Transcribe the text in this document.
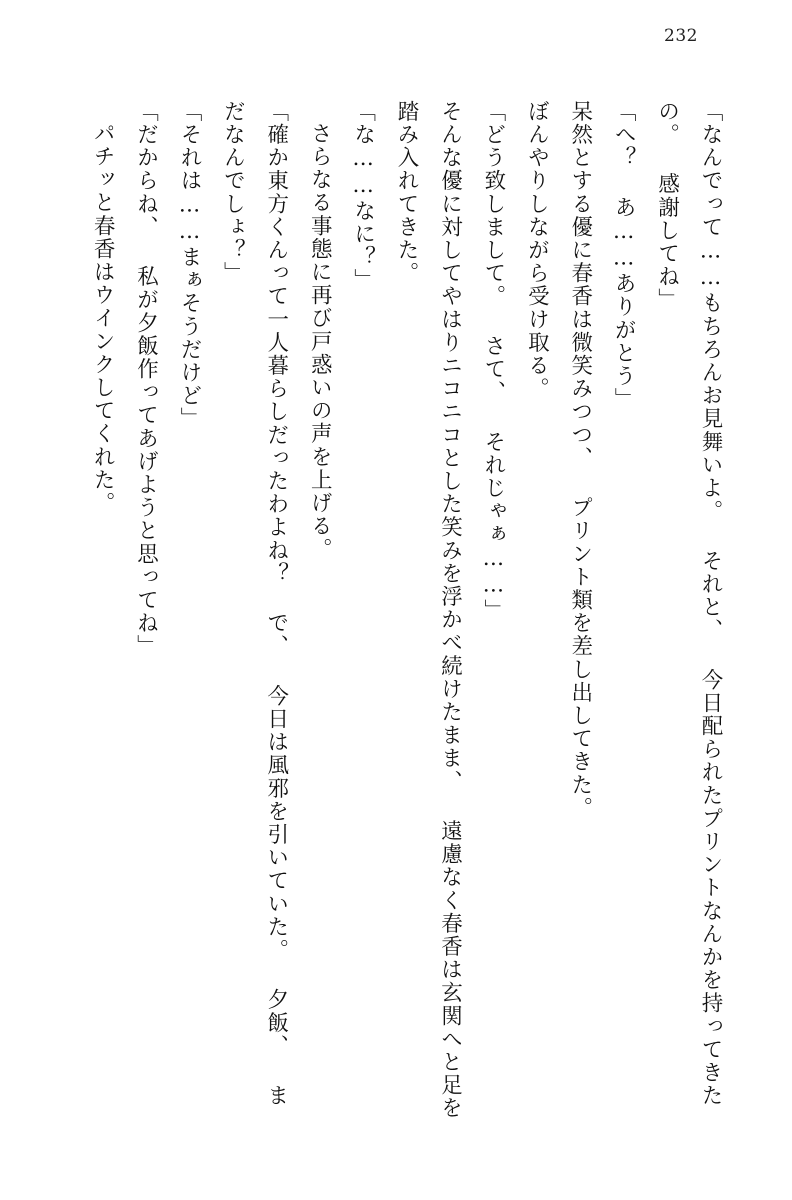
232

「なんでって……もちろんお見舞いよ。 それと、 今日配られたプリントなんかを持ってきたの。 感謝してね」

「へ？ あ……ありがとう」

呆然とする優に春香は微笑みつつ、 プリント類を差し出してきた。

ぼんやりしながら受け取る。

「どう致しまして。 さて、 それじゃぁ……」

そんな優に対してやはりニコニコとした笑みを浮かべ続けたまま、 遠慮なく春香は玄関へと足を踏み入れてきた。

「な……なに？」

さらなる事態に再び戸惑いの声を上げる。

「確か東方くんって一人暮らしだったわよね？ で、 今日は風邪を引いていた。 夕飯、 まだなんでしょ？」

「それは……まぁそうだけど」

「だからね、 私が夕飯作ってあげようと思ってね」

パチッと春香はウインクしてくれた。
